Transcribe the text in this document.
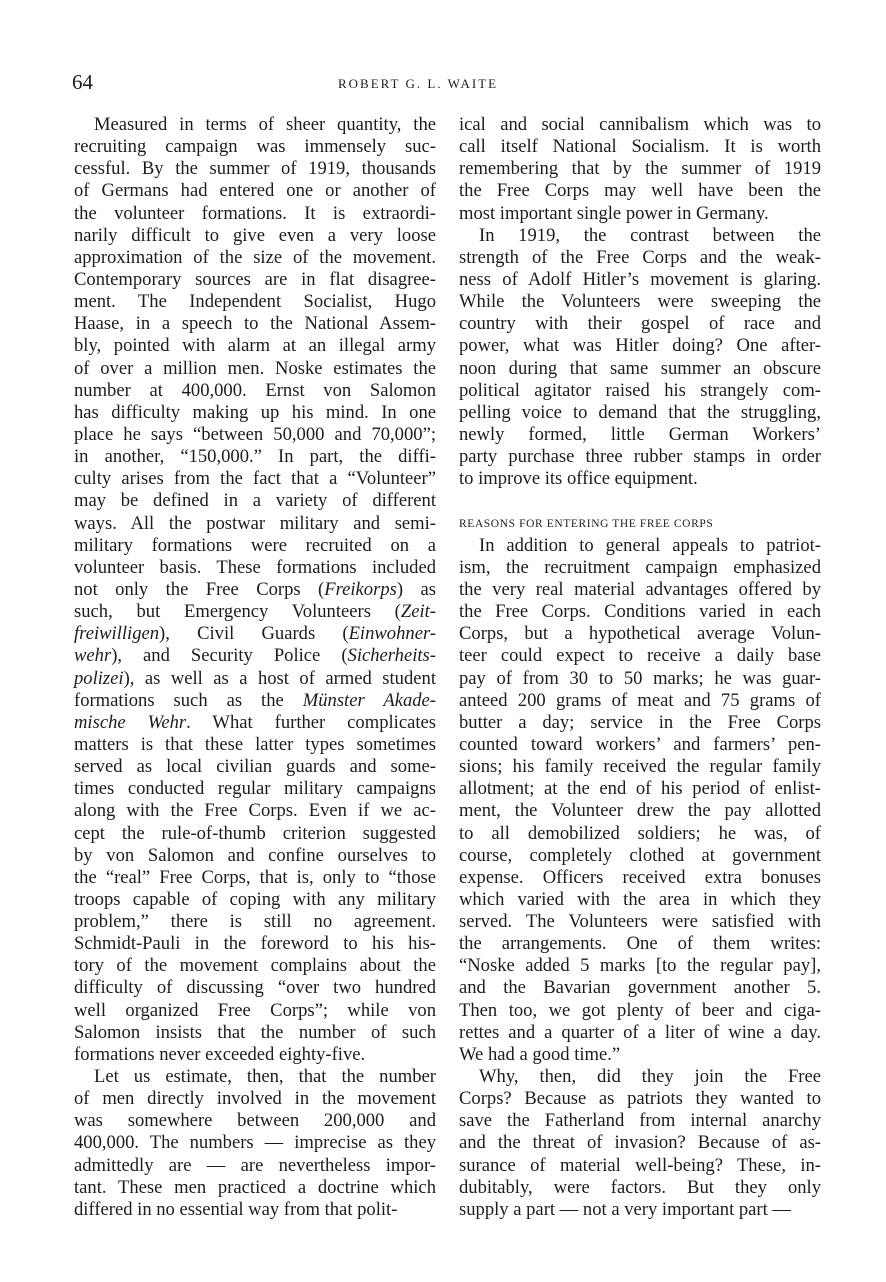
64	ROBERT G. L. WAITE
Measured in terms of sheer quantity, the
recruiting campaign was immensely suc-
cessful. By the summer of 1919, thousands
of Germans had entered one or another of
the volunteer formations. It is extraordi-
narily difficult to give even a very loose
approximation of the size of the movement.
Contemporary sources are in flat disagree-
ment. The Independent Socialist, Hugo
Haase, in a speech to the National Assem-
bly, pointed with alarm at an illegal army
of over a million men. Noske estimates the
number at 400,000. Ernst von Salomon
has difficulty making up his mind. In one
place he says “between 50,000 and 70,000”;
in another, “150,000.” In part, the diffi-
culty arises from the fact that a “Volunteer”
may be defined in a variety of different
ways. All the postwar military and semi-
military formations were recruited on a
volunteer basis. These formations included
not only the Free Corps (Freikorps) as
such, but Emergency Volunteers (Zeit-
freiwilligen), Civil Guards (Einwohner-
wehr), and Security Police (Sicherheits-
polizei), as well as a host of armed student
formations such as the Münster Akade-
mische Wehr. What further complicates
matters is that these latter types sometimes
served as local civilian guards and some-
times conducted regular military campaigns
along with the Free Corps. Even if we ac-
cept the rule-of-thumb criterion suggested
by von Salomon and confine ourselves to
the “real” Free Corps, that is, only to “those
troops capable of coping with any military
problem,” there is still no agreement.
Schmidt-Pauli in the foreword to his his-
tory of the movement complains about the
difficulty of discussing “over two hundred
well organized Free Corps”; while von
Salomon insists that the number of such
formations never exceeded eighty-five.
Let us estimate, then, that the number
of men directly involved in the movement
was somewhere between 200,000 and
400,000. The numbers — imprecise as they
admittedly are — are nevertheless impor-
tant. These men practiced a doctrine which
differed in no essential way from that polit-
ical and social cannibalism which was to
call itself National Socialism. It is worth
remembering that by the summer of 1919
the Free Corps may well have been the
most important single power in Germany.
In 1919, the contrast between the
strength of the Free Corps and the weak-
ness of Adolf Hitler’s movement is glaring.
While the Volunteers were sweeping the
country with their gospel of race and
power, what was Hitler doing? One after-
noon during that same summer an obscure
political agitator raised his strangely com-
pelling voice to demand that the struggling,
newly formed, little German Workers’
party purchase three rubber stamps in order
to improve its office equipment.
REASONS FOR ENTERING THE FREE CORPS
In addition to general appeals to patriot-
ism, the recruitment campaign emphasized
the very real material advantages offered by
the Free Corps. Conditions varied in each
Corps, but a hypothetical average Volun-
teer could expect to receive a daily base
pay of from 30 to 50 marks; he was guar-
anteed 200 grams of meat and 75 grams of
butter a day; service in the Free Corps
counted toward workers’ and farmers’ pen-
sions; his family received the regular family
allotment; at the end of his period of enlist-
ment, the Volunteer drew the pay allotted
to all demobilized soldiers; he was, of
course, completely clothed at government
expense. Officers received extra bonuses
which varied with the area in which they
served. The Volunteers were satisfied with
the arrangements. One of them writes:
“Noske added 5 marks [to the regular pay],
and the Bavarian government another 5.
Then too, we got plenty of beer and ciga-
rettes and a quarter of a liter of wine a day.
We had a good time.”
Why, then, did they join the Free
Corps? Because as patriots they wanted to
save the Fatherland from internal anarchy
and the threat of invasion? Because of as-
surance of material well-being? These, in-
dubitably, were factors. But they only
supply a part — not a very important part —
